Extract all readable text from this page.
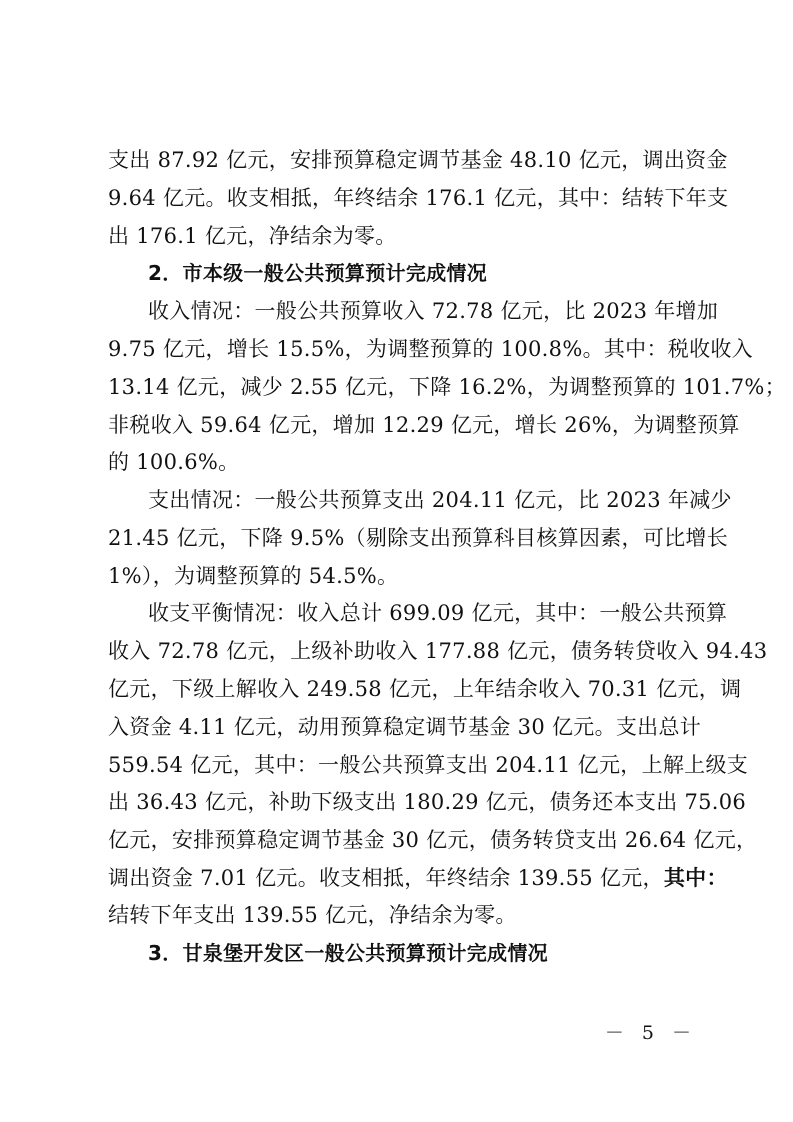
支出 87.92 亿元，安排预算稳定调节基金 48.10 亿元，调出资金
9.64 亿元。收支相抵，年终结余 176.1 亿元，其中：结转下年支
出 176.1 亿元，净结余为零。
2．市本级一般公共预算预计完成情况
收入情况：一般公共预算收入 72.78 亿元，比 2023 年增加
9.75 亿元，增长 15.5%，为调整预算的 100.8%。其中：税收收入
13.14 亿元，减少 2.55 亿元，下降 16.2%，为调整预算的 101.7%；
非税收入 59.64 亿元，增加 12.29 亿元，增长 26%，为调整预算
的 100.6%。
支出情况：一般公共预算支出 204.11 亿元，比 2023 年减少
21.45 亿元，下降 9.5%（剔除支出预算科目核算因素，可比增长
1%），为调整预算的 54.5%。
收支平衡情况：收入总计 699.09 亿元，其中：一般公共预算
收入 72.78 亿元，上级补助收入 177.88 亿元，债务转贷收入 94.43
亿元，下级上解收入 249.58 亿元，上年结余收入 70.31 亿元，调
入资金 4.11 亿元，动用预算稳定调节基金 30 亿元。支出总计
559.54 亿元，其中：一般公共预算支出 204.11 亿元，上解上级支
出 36.43 亿元，补助下级支出 180.29 亿元，债务还本支出 75.06
亿元，安排预算稳定调节基金 30 亿元，债务转贷支出 26.64 亿元，
调出资金 7.01 亿元。收支相抵，年终结余 139.55 亿元，其中：
结转下年支出 139.55 亿元，净结余为零。
3．甘泉堡开发区一般公共预算预计完成情况
－ 5 －
